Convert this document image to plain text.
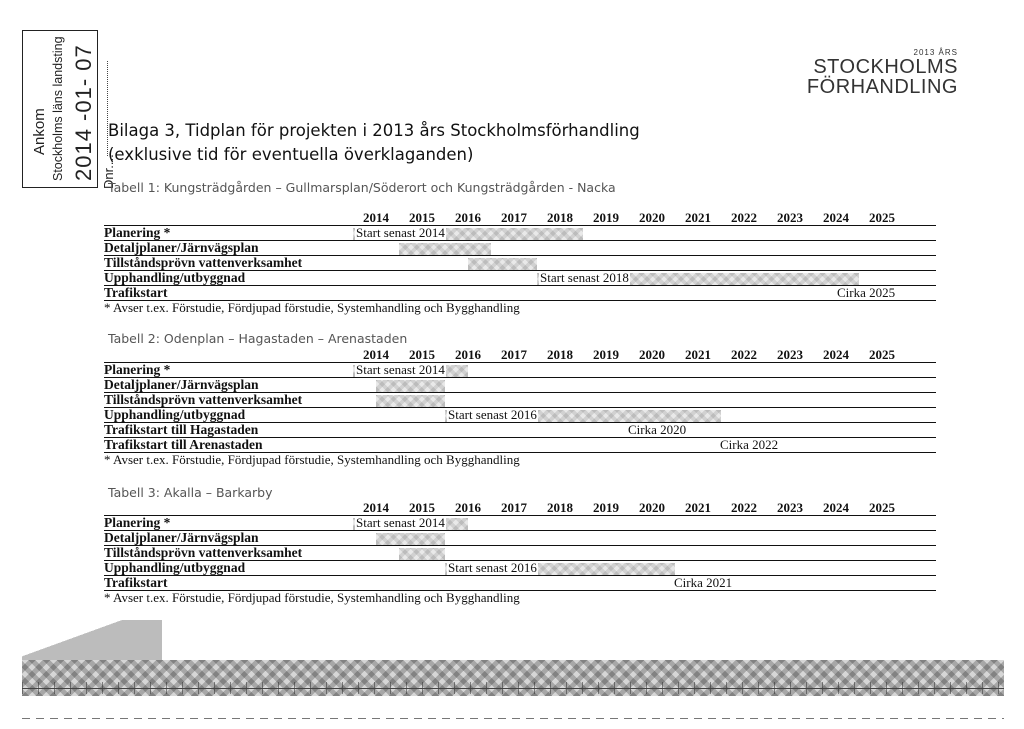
Ankom Stockholms läns landsting 2014 -01- 07 Dnr....
2013 ÅRS
STOCKHOLMS
FÖRHANDLING
Bilaga 3, Tidplan för projekten i 2013 års Stockholmsförhandling
(exklusive tid för eventuella överklaganden)
Tabell 1: Kungsträdgården – Gullmarsplan/Söderort och Kungsträdgården - Nacka
2014	2015	2016	2017	2018	2019	2020	2021	2022	2023	2024	2025
Planering *	Start senast 2014
Detaljplaner/Järnvägsplan
Tillståndsprövn vattenverksamhet
Upphandling/utbyggnad	Start senast 2018
Trafikstart	Cirka 2025
* Avser t.ex. Förstudie, Fördjupad förstudie, Systemhandling och Bygghandling
Tabell 2: Odenplan – Hagastaden – Arenastaden
2014	2015	2016	2017	2018	2019	2020	2021	2022	2023	2024	2025
Planering *	Start senast 2014
Detaljplaner/Järnvägsplan
Tillståndsprövn vattenverksamhet
Upphandling/utbyggnad	Start senast 2016
Trafikstart till Hagastaden	Cirka 2020
Trafikstart till Arenastaden	Cirka 2022
* Avser t.ex. Förstudie, Fördjupad förstudie, Systemhandling och Bygghandling
Tabell 3: Akalla – Barkarby
2014	2015	2016	2017	2018	2019	2020	2021	2022	2023	2024	2025
Planering *	Start senast 2014
Detaljplaner/Järnvägsplan
Tillståndsprövn vattenverksamhet
Upphandling/utbyggnad	Start senast 2016
Trafikstart	Cirka 2021
* Avser t.ex. Förstudie, Fördjupad förstudie, Systemhandling och Bygghandling
